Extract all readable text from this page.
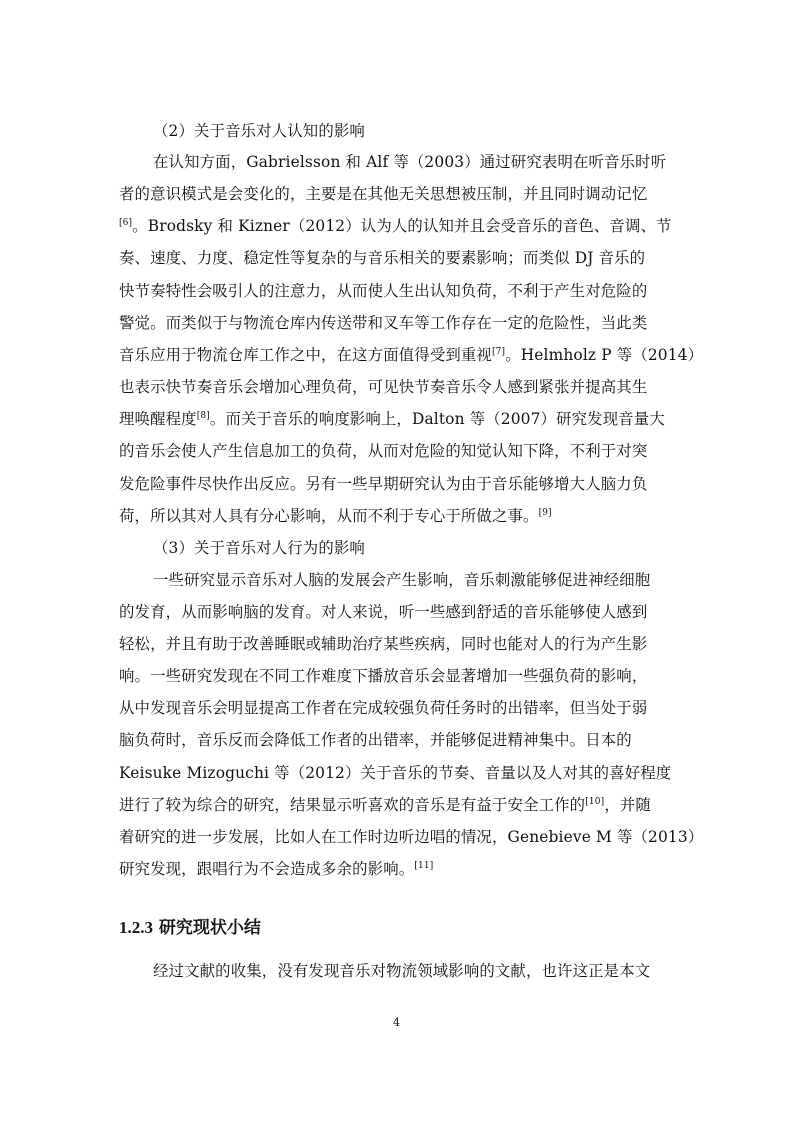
（2）关于音乐对人认知的影响
在认知方面，Gabrielsson 和 Alf 等（2003）通过研究表明在听音乐时听
者的意识模式是会变化的，主要是在其他无关思想被压制，并且同时调动记忆
[6]。Brodsky 和 Kizner（2012）认为人的认知并且会受音乐的音色、音调、节
奏、速度、力度、稳定性等复杂的与音乐相关的要素影响；而类似 DJ 音乐的
快节奏特性会吸引人的注意力，从而使人生出认知负荷，不利于产生对危险的
警觉。而类似于与物流仓库内传送带和叉车等工作存在一定的危险性，当此类
音乐应用于物流仓库工作之中，在这方面值得受到重视[7]。Helmholz P 等（2014）
也表示快节奏音乐会增加心理负荷，可见快节奏音乐令人感到紧张并提高其生
理唤醒程度[8]。而关于音乐的响度影响上，Dalton 等（2007）研究发现音量大
的音乐会使人产生信息加工的负荷，从而对危险的知觉认知下降，不利于对突
发危险事件尽快作出反应。另有一些早期研究认为由于音乐能够增大人脑力负
荷，所以其对人具有分心影响，从而不利于专心于所做之事。[9]
（3）关于音乐对人行为的影响
一些研究显示音乐对人脑的发展会产生影响，音乐刺激能够促进神经细胞
的发育，从而影响脑的发育。对人来说，听一些感到舒适的音乐能够使人感到
轻松，并且有助于改善睡眠或辅助治疗某些疾病，同时也能对人的行为产生影
响。一些研究发现在不同工作难度下播放音乐会显著增加一些强负荷的影响，
从中发现音乐会明显提高工作者在完成较强负荷任务时的出错率，但当处于弱
脑负荷时，音乐反而会降低工作者的出错率，并能够促进精神集中。日本的
Keisuke Mizoguchi 等（2012）关于音乐的节奏、音量以及人对其的喜好程度
进行了较为综合的研究，结果显示听喜欢的音乐是有益于安全工作的[10]，并随
着研究的进一步发展，比如人在工作时边听边唱的情况，Genebieve M 等（2013）
研究发现，跟唱行为不会造成多余的影响。[11]
1.2.3 研究现状小结
经过文献的收集，没有发现音乐对物流领域影响的文献，也许这正是本文
4
